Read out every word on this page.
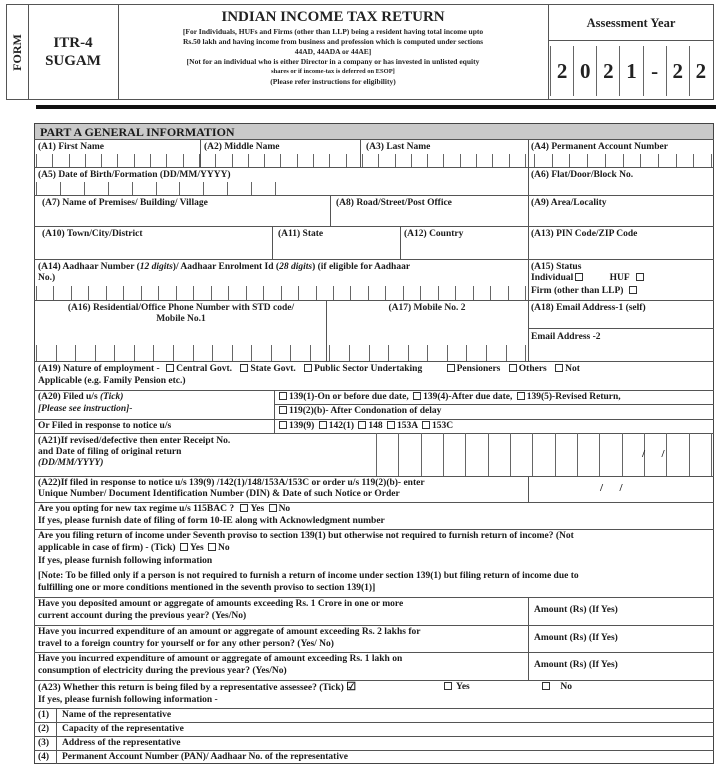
FORM	ITR-4
SUGAM
INDIAN INCOME TAX RETURN
[For Individuals, HUFs and Firms (other than LLP) being a resident having total income upto
Rs.50 lakh and having income from business and profession which is computed under sections
44AD, 44ADA or 44AE]
[Not for an individual who is either Director in a company or has invested in unlisted equity
shares or if income-tax is deferred on ESOP]
(Please refer instructions for eligibility)
Assessment Year
2 0 2 1 - 2 2
PART A GENERAL INFORMATION
(A1) First Name	(A2) Middle Name	(A3) Last Name	(A4) Permanent Account Number
(A5) Date of Birth/Formation (DD/MM/YYYY)	(A6) Flat/Door/Block No.
(A7) Name of Premises/ Building/ Village	(A8) Road/Street/Post Office	(A9) Area/Locality
(A10) Town/City/District	(A11) State	(A12) Country	(A13) PIN Code/ZIP Code
(A14) Aadhaar Number (12 digits)/ Aadhaar Enrolment Id (28 digits) (if eligible for Aadhaar
No.)
(A15) Status
Individual	HUF
Firm (other than LLP)
(A16) Residential/Office Phone Number with STD code/
Mobile No.1
(A17) Mobile No. 2	(A18) Email Address-1 (self)
Email Address -2
(A19) Nature of employment - Central Govt. State Govt. Public Sector Undertaking	Pensioners Others Not
Applicable (e.g. Family Pension etc.)
(A20) Filed u/s (Tick)
[Please see instruction]-
139(1)-On or before due date, 139(4)-After due date, 139(5)-Revised Return,
119(2)(b)- After Condonation of delay
Or Filed in response to notice u/s	139(9) 142(1) 148 153A 153C
(A21)If revised/defective then enter Receipt No.
and Date of filing of original return
(DD/MM/YYYY)
/      /
(A22)If filed in response to notice u/s 139(9) /142(1)/148/153A/153C or order u/s 119(2)(b)- enter
Unique Number/ Document Identification Number (DIN) & Date of such Notice or Order	/      /
Are you opting for new tax regime u/s 115BAC ? Yes No
If yes, please furnish date of filing of form 10-IE along with Acknowledgment number
Are you filing return of income under Seventh proviso to section 139(1) but otherwise not required to furnish return of income? (Not
applicable in case of firm) - (Tick) Yes No
If yes, please furnish following information
[Note: To be filled only if a person is not required to furnish a return of income under section 139(1) but filing return of income due to
fulfilling one or more conditions mentioned in the seventh proviso to section 139(1)]
Have you deposited amount or aggregate of amounts exceeding Rs. 1 Crore in one or more
current account during the previous year? (Yes/No)
Amount (Rs) (If Yes)
Have you incurred expenditure of an amount or aggregate of amount exceeding Rs. 2 lakhs for
travel to a foreign country for yourself or for any other person? (Yes/ No)
Amount (Rs) (If Yes)
Have you incurred expenditure of amount or aggregate of amount exceeding Rs. 1 lakh on
consumption of electricity during the previous year? (Yes/No)
Amount (Rs) (If Yes)
(A23) Whether this return is being filed by a representative assessee? (Tick) ☑	Yes	No
If yes, please furnish following information -
(1) Name of the representative
(2) Capacity of the representative
(3) Address of the representative
(4) Permanent Account Number (PAN)/ Aadhaar No. of the representative
